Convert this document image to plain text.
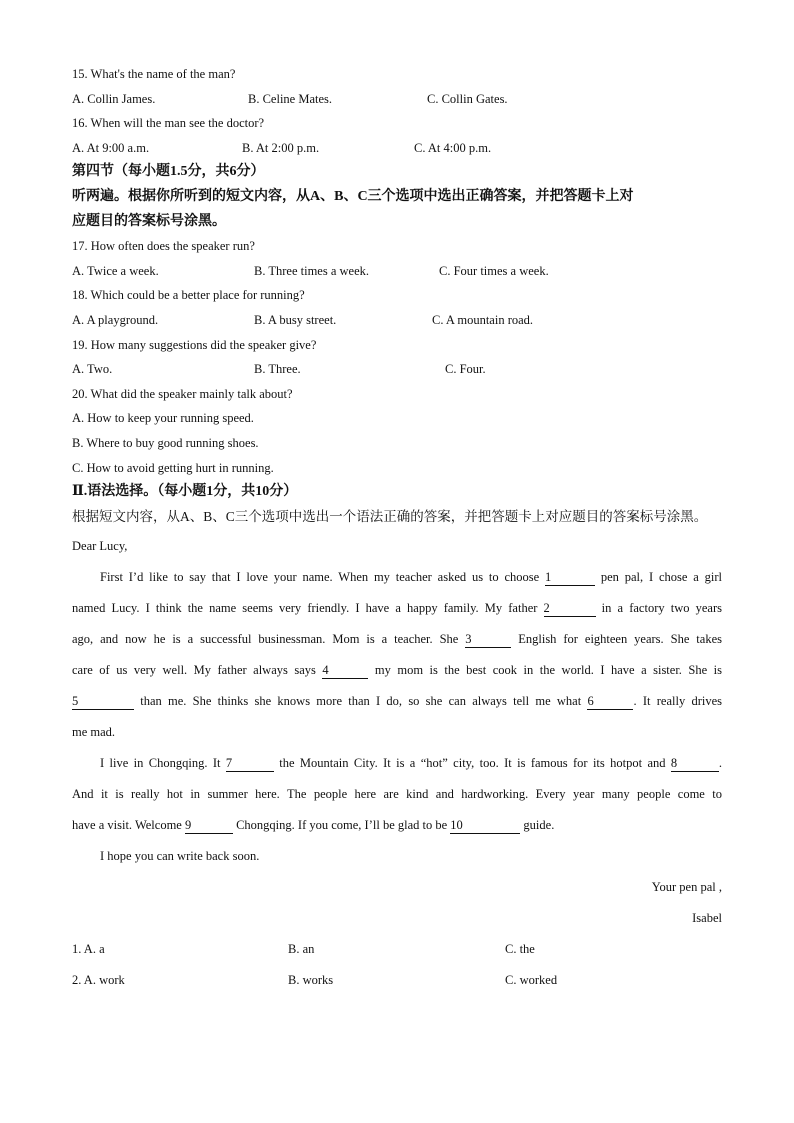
15. What's the name of the man?
A. Collin James.	B. Celine Mates.	C. Collin Gates.
16. When will the man see the doctor?
A. At 9:00 a.m.	B. At 2:00 p.m.	C. At 4:00 p.m.
第四节（每小题1.5分，共6分）
听两遍。根据你所听到的短文内容，从A、B、C三个选项中选出正确答案，并把答题卡上对
应题目的答案标号涂黑。
17. How often does the speaker run?
A. Twice a week.	B. Three times a week.	C. Four times a week.
18. Which could be a better place for running?
A. A playground.	B. A busy street.	C. A mountain road.
19. How many suggestions did the speaker give?
A. Two.	B. Three.	C. Four.
20. What did the speaker mainly talk about?
A. How to keep your running speed.
B. Where to buy good running shoes.
C. How to avoid getting hurt in running.
Ⅱ.语法选择。（每小题1分，共10分）
根据短文内容，从A、B、C三个选项中选出一个语法正确的答案，并把答题卡上对应题目的答案标号涂黑。
Dear Lucy,
First I’d like to say that I love your name. When my teacher asked us to choose 1	pen pal, I chose a girl
named Lucy. I think the name seems very friendly. I have a happy family. My father 2	in a factory two years
ago, and now he is a successful businessman. Mom is a teacher. She 3	English for eighteen years. She takes
care of us very well. My father always says 4	my mom is the best cook in the world. I have a sister. She is
5	than me. She thinks she knows more than I do, so she can always tell me what 6	. It really drives
me mad.
I live in Chongqing. It 7	the Mountain City. It is a “hot” city, too. It is famous for its hotpot and 8	.
And it is really hot in summer here. The people here are kind and hardworking. Every year many people come to
have a visit. Welcome 9	Chongqing. If you come, I’ll be glad to be 10	guide.
I hope you can write back soon.
Your pen pal ,
Isabel
1. A. a	B. an	C. the
2. A. work	B. works	C. worked
